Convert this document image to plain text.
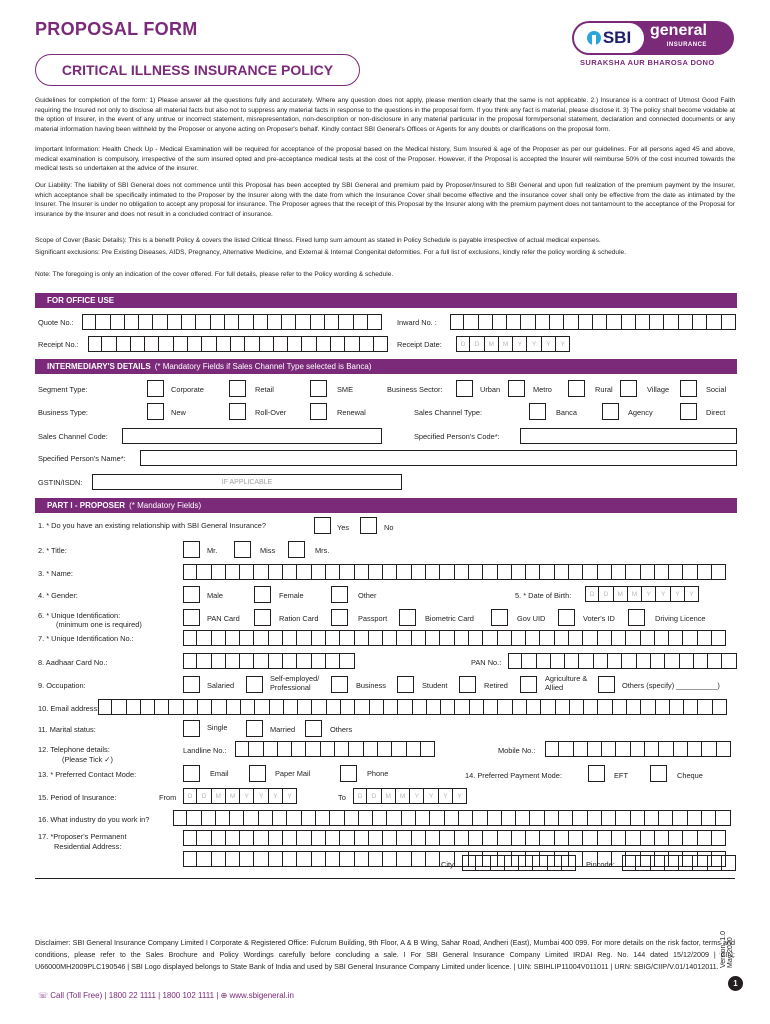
PROPOSAL FORM
CRITICAL ILLNESS INSURANCE POLICY
SBI general
INSURANCE
SURAKSHA AUR BHAROSA DONO
Guidelines for completion of the form: 1) Please answer all the questions fully and accurately. Where any question does not apply, please mention clearly that the same is not applicable. 2.) Insurance is a contract of Utmost Good Faith requiring the Insured not only to disclose all material facts but also not to suppress any material facts in response to the questions in the proposal form. If you think any fact is material, please disclose it. 3) The policy shall become voidable at the option of Insurer, in the event of any untrue or incorrect statement, misrepresentation, non-description or non-disclosure in any material particular in the proposal form/personal statement, declaration and connected documents or any material information having been withheld by the Proposer or anyone acting on Proposer's behalf. Kindly contact SBI General's Offices or Agents for any doubts or clarifications on the proposal form.
Important Information: Health Check Up - Medical Examination will be required for acceptance of the proposal based on the Medical history, Sum Insured & age of the Proposer as per our guidelines. For all persons aged 45 and above, medical examination is compulsory, irrespective of the sum insured opted and pre-acceptance medical tests at the cost of the Proposer. However, if the Proposal is accepted the Insurer will reimburse 50% of the cost incurred towards the medical tests so undertaken at the advice of the insurer.
Our Liability: The liability of SBI General does not commence until this Proposal has been accepted by SBI General and premium paid by Proposer/Insured to SBI General and upon full realization of the premium payment by the Insurer, which acceptance shall be specifically intimated to the Proposer by the Insurer along with the date from which the Insurance Cover shall become effective and the insurance cover shall only be effective from the date as intimated by the Insurer. The Insurer is under no obligation to accept any proposal for insurance. The Proposer agrees that the receipt of this Proposal by the Insurer along with the premium payment does not tantamount to the acceptance of the Proposal for insurance by the Insurer and does not result in a concluded contract of insurance.
Scope of Cover (Basic Details): This is a benefit Policy & covers the listed Critical Illness. Fixed lump sum amount as stated in Policy Schedule is payable irrespective of actual medical expenses.
Significant exclusions: Pre Existing Diseases, AIDS, Pregnancy, Alternative Medicine, and External & Internal Congenital deformities. For a full list of exclusions, kindly refer the policy wording & schedule.
Note: The foregoing is only an indication of the cover offered. For full details, please refer to the Policy wording & schedule.
FOR OFFICE USE
Quote No.:	Inward No. :
Receipt No.:	Receipt Date:	D	D	M	M	Y	Y	Y	Y
INTERMEDIARY'S DETAILS (* Mandatory Fields if Sales Channel Type selected is Banca)
Segment Type:	Corporate	Retail	SME	Business Sector:	Urban	Metro	Rural	Village	Social
Business Type:	New	Roll-Over	Renewal	Sales Channel Type:	Banca	Agency	Direct
Sales Channel Code:	Specified Person's Code*:
Specified Person's Name*:
GSTIN/ISDN:	IF APPLICABLE
PART I - PROPOSER (* Mandatory Fields)
1. * Do you have an existing relationship with SBI General Insurance?	Yes	No
2. * Title:	Mr.	Miss	Mrs.
3. * Name:
4. * Gender:	Male	Female	Other	5. * Date of Birth:	D	D	M	M	Y	Y	Y	Y
6. * Unique Identification:
(minimum one is required)
PAN Card	Ration Card	Passport	Biometric Card	Gov UID	Voter's ID	Driving Licence
7. * Unique Identification No.:
8. Aadhaar Card No.:	PAN No.:
9. Occupation:	Salaried
Self-employed/ Professional	Business	Student	Retired
Agriculture & Allied	Others (specify) __________)
10. Email address:
11. Marital status:	Single	Married	Others
12. Telephone details:
(Please Tick ✓)
Landline No.:	Mobile No.:
13. * Preferred Contact Mode:	Email	Paper Mail	Phone	14. Preferred Payment Mode:	EFT	Cheque
15. Period of Insurance:	From	D	D	M	M	Y	Y	Y	Y	To	D	D	M	M	Y	Y	Y	Y
16. What industry do you work in?
17. *Proposer's Permanent
Residential Address:
City:	Pincode:
Disclaimer: SBI General Insurance Company Limited I Corporate & Registered Office: Fulcrum Building, 9th Floor, A & B Wing, Sahar Road, Andheri (East), Mumbai 400 099. For more details on the risk factor, terms and conditions, please refer to the Sales Brochure and Policy Wordings carefully before concluding a sale. I For SBI General Insurance Company Limited IRDAI Reg. No. 144 dated 15/12/2009 | CIN: U66000MH2009PLC190546 | SBI Logo displayed belongs to State Bank of India and used by SBI General Insurance Company Limited under licence. | UIN: SBIHLIP11004V011011 | URN: SBIG/CIIP/V.01/14012011. Version: 1.0 May 2020
1
☏ Call (Toll Free) | 1800 22 1111 | 1800 102 1111 | ⊕ www.sbigeneral.in
